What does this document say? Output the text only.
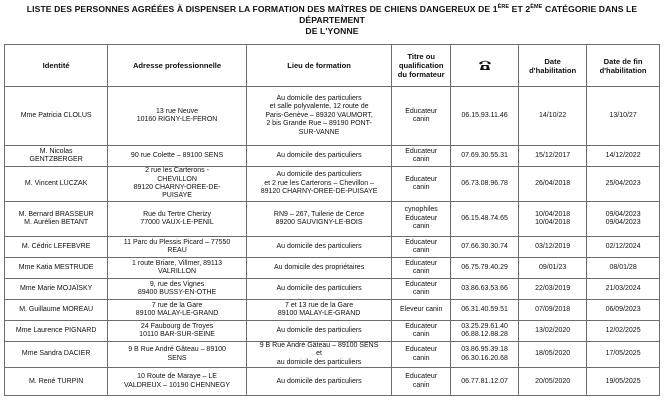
LISTE DES PERSONNES AGRÉÉES À DISPENSER LA FORMATION DES MAÎTRES DE CHIENS DANGEREUX DE 1ÈRE ET 2ÈME CATÉGORIE DANS LE DÉPARTEMENT
DE L'YONNE
Identité	Adresse professionnelle	Lieu de formation	Titre ou
qualification
du formateur		Date
d'habilitation	Date de fin
d'habilitation

Mme Patricia CLOLUS	13 rue Neuve
10160 RIGNY-LE-FERON	Au domicile des particuliers
et salle polyvalente, 12 route de
Paris-Genève – 89320 VAUMORT,
2 bis Grande Rue – 89190 PONT-
SUR-VANNE	Educateur
canin	06.15.93.11.46	14/10/22	13/10/27

M. Nicolas
GENTZBERGER	90 rue Colette – 89100 SENS	Au domicile des particuliers	Educateur
canin	07.69.30.55.31	15/12/2017	14/12/2022

M. Vincent LUCZAK	2 rue les Carterons -
CHEVILLON
89120 CHARNY-OREE-DE-
PUISAYE	Au domicile des particuliers
et 2 rue les Carterons – Chevillon –
89120 CHARNY-OREE-DE-PUISAYE	Educateur
canin	06.73.08.96.78	26/04/2018	25/04/2023

M. Bernard BRASSEUR
M. Aurélien BETANT	Rue du Tertre Cherizy
77000 VAUX-LE-PENIL	RN9 – 267, Tuilerie de Cerce
89200 SAUVIGNY-LE-BOIS	cynophiles
Educateur
canin	06.15.48.74.65	10/04/2018
10/04/2018	09/04/2023
09/04/2023

M. Cédric LEFEBVRE	11 Parc du Plessis Picard – 77550
REAU	Au domicile des particuliers	Educateur
canin	07.66.30.30.74	03/12/2019	02/12/2024

Mme Katia MESTRUDE	1 route Briare, Villmer, 89113
VALRILLON	Au domicile des propriétaires	Educateur
canin	06.75.79.40.29	09/01/23	08/01/28

Mme Marie MOJAÏSKY	9, rue des Vignes
89400 BUSSY-EN-OTHE	Au domicile des particuliers	Educateur
canin	03.86.63.53.66	22/03/2019	21/03/2024

M. Guillaume MOREAU	7 rue de la Gare
89100 MALAY-LE-GRAND	7 et 13 rue de la Gare
89100 MALAY-LE-GRAND	Eleveur canin	06.31.40.59.51	07/09/2018	06/09/2023

Mme Laurence PIGNARD	24 Faubourg de Troyes
10110 BAR-SUR-SEINE	Au domicile des particuliers	Educateur
canin	03.25.29.61.40
06.88.12.88.28	13/02/2020	12/02/2025

Mme Sandra DACIER	9 B Rue André Gâteau – 89100
SENS	9 B Rue André Gâteau – 89100 SENS
et
au domicile des particuliers	Educateur
canin	03.86.95.39.18
06.30.16.20.68	18/05/2020	17/05/2025

M. René TURPIN	10 Route de Maraye – LE
VALDREUX – 10190 CHENNEGY	Au domicile des particuliers	Educateur
canin	06.77.81.12.07	20/05/2020	19/05/2025
